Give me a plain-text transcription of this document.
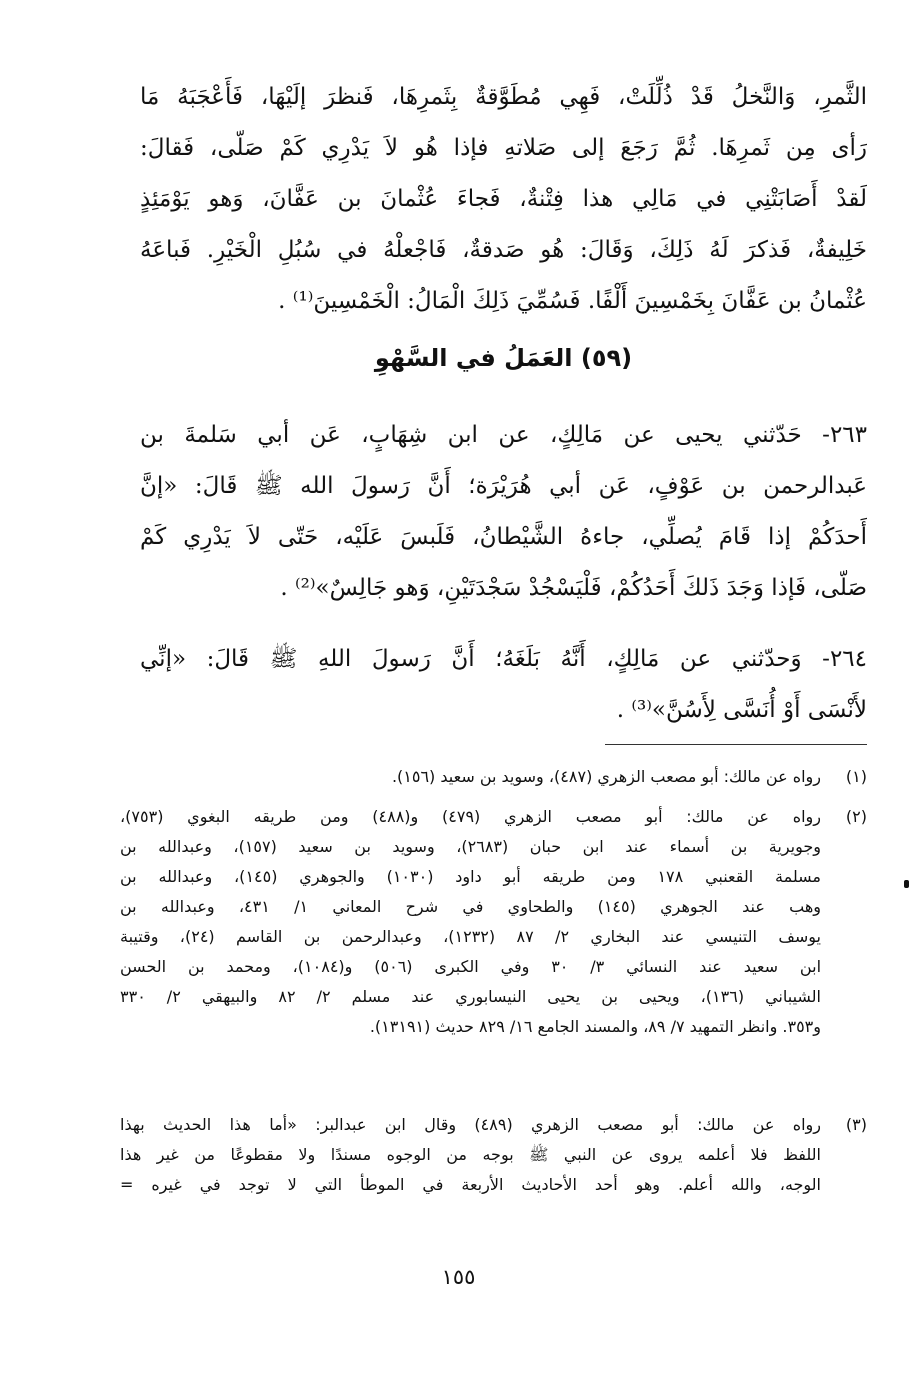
الثَّمرِ، وَالنَّخلُ قَدْ ذُلِّلَتْ، فَهِي مُطَوَّقةٌ بِثَمرِهَا، فَنظرَ إلَيْهَا، فَأَعْجَبَهُ مَا
رَأى مِن ثَمرِهَا. ثُمَّ رَجَعَ إلى صَلاتهِ فإذا هُو لاَ يَدْرِي كَمْ صَلّى، فَقالَ:
لَقدْ أَصَابَتْنِي في مَالِي هذا فِتْنةٌ، فَجاءَ عُثْمانَ بن عَفَّانَ، وَهو يَوْمَئِذٍ
خَلِيفةٌ، فَذكرَ لَهُ ذَلِكَ، وَقَالَ: هُو صَدقةٌ، فَاجْعلْهُ في سُبُلِ الْخَيْرِ. فَباعَهُ
عُثْمانُ بن عَفَّانَ بِخَمْسِينَ أَلْفًا. فَسُمِّيَ ذَلِكَ الْمَالُ: الْخَمْسِينَ⁽¹⁾ .
(٥٩) العَمَلُ في السَّهْوِ
٢٦٣- حَدّثني يحيى عن مَالِكٍ، عن ابن شِهَابٍ، عَن أبي سَلمةَ بن
عَبدالرحمن بن عَوْفٍ، عَن أبي هُرَيْرَة؛ أَنَّ رَسولَ الله ﷺ قَالَ: «إنَّ
أَحدَكُمْ إذا قَامَ يُصلِّي، جاءهُ الشَّيْطانُ، فَلَبسَ عَلَيْه، حَتّى لاَ يَدْرِي كَمْ
صَلّى، فَإذا وَجَدَ ذَلكَ أَحَدُكُمْ، فَلْيَسْجُدْ سَجْدَتَيْنِ، وَهو جَالِسٌ»⁽²⁾ .
٢٦٤- وَحدّثني عن مَالِكٍ، أَنَّهُ بَلَغَهُ؛ أَنَّ رَسولَ اللهِ ﷺ قَالَ: «إنِّي
لأَنْسَى أَوْ أُنَسَّى لِأَسُنَّ»⁽³⁾ .
(١)
رواه عن مالك: أبو مصعب الزهري (٤٨٧)، وسويد بن سعيد (١٥٦).
(٢)
رواه عن مالك: أبو مصعب الزهري (٤٧٩) و(٤٨٨) ومن طريقه البغوي (٧٥٣)،
وجويرية بن أسماء عند ابن حبان (٢٦٨٣)، وسويد بن سعيد (١٥٧)، وعبدالله بن
مسلمة القعنبي ١٧٨ ومن طريقه أبو داود (١٠٣٠) والجوهري (١٤٥)، وعبدالله بن
وهب عند الجوهري (١٤٥) والطحاوي في شرح المعاني ١/ ٤٣١، وعبدالله بن
يوسف التنيسي عند البخاري ٢/ ٨٧ (١٢٣٢)، وعبدالرحمن بن القاسم (٢٤)، وقتيبة
ابن سعيد عند النسائي ٣/ ٣٠ وفي الكبرى (٥٠٦) و(١٠٨٤)، ومحمد بن الحسن
الشيباني (١٣٦)، ويحيى بن يحيى النيسابوري عند مسلم ٢/ ٨٢ والبيهقي ٢/ ٣٣٠
و٣٥٣. وانظر التمهيد ٧/ ٨٩، والمسند الجامع ١٦/ ٨٢٩ حديث (١٣١٩١).
(٣)
رواه عن مالك: أبو مصعب الزهري (٤٨٩) وقال ابن عبدالبر: «أما هذا الحديث بهذا
اللفظ فلا أعلمه يروى عن النبي ﷺ بوجه من الوجوه مسندًا ولا مقطوعًا من غير هذا
الوجه، والله أعلم. وهو أحد الأحاديث الأربعة في الموطأ التي لا توجد في غيره =
١٥٥
